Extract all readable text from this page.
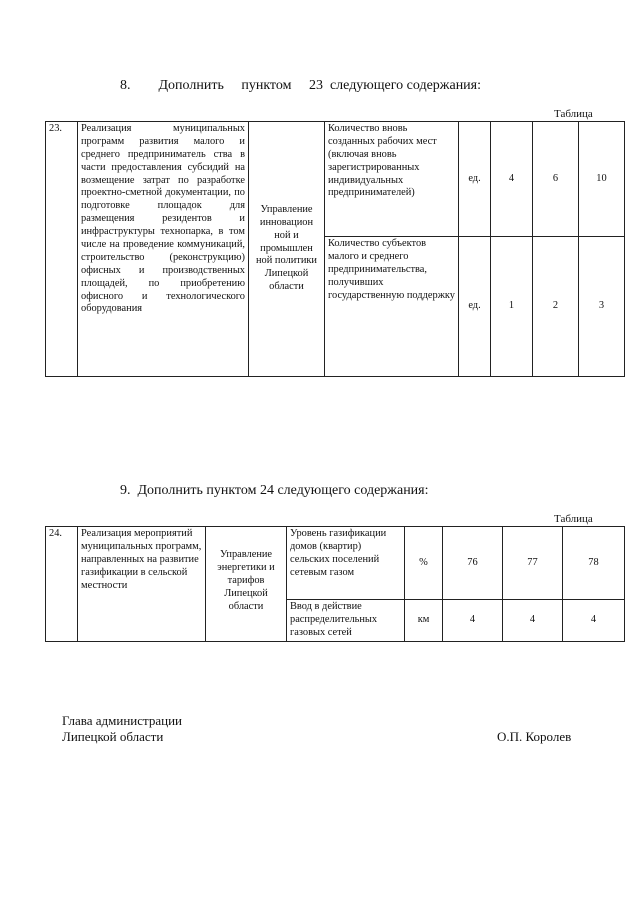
8.        Дополнить     пунктом     23  следующего содержания:
Таблица
23.	Реализация муниципальных программ развития малого и среднего предприниматель ства в части предоставления субсидий на возмещение затрат по разработке проектно-сметной документации, по подготовке площадок для размещения резидентов и инфраструктуры технопарка, в том числе на проведение коммуникаций, строительство (реконструкцию) офисных и производственных площадей, по приобретению офисного и технологического оборудования	Управление инновацион ной и промышлен ной политики Липецкой области	Количество вновь созданных рабочих мест (включая вновь зарегистрированных индивидуальных предпринимателей)	ед.	4	6	10
			Количество субъектов малого и среднего предпринимательства, получивших государственную поддержку	ед.	1	2	3
9.  Дополнить пунктом 24 следующего содержания:
Таблица
24.	Реализация мероприятий муниципальных программ, направленных на развитие газификации в сельской местности	Управление энергетики и тарифов Липецкой области	Уровень газификации домов (квартир) сельских поселений сетевым газом	%	76	77	78
			Ввод в действие распределительных газовых сетей	км	4	4	4
Глава администрации
Липецкой области	О.П. Королев
